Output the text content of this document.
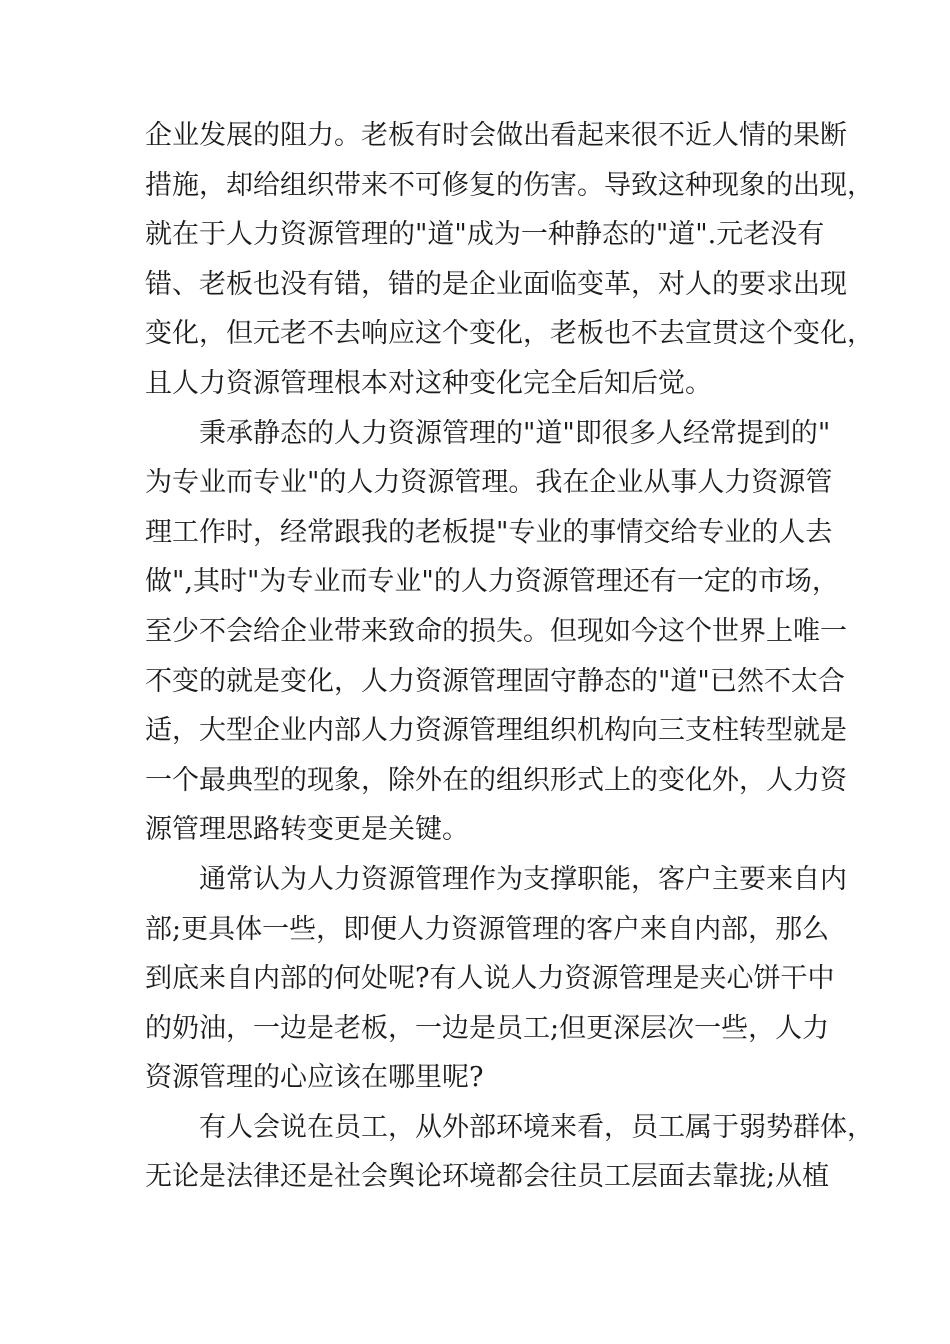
企业发展的阻力。老板有时会做出看起来很不近人情的果断
措施，却给组织带来不可修复的伤害。导致这种现象的出现，
就在于人力资源管理的"道"成为一种静态的"道".元老没有
错、老板也没有错，错的是企业面临变革，对人的要求出现
变化，但元老不去响应这个变化，老板也不去宣贯这个变化，
且人力资源管理根本对这种变化完全后知后觉。
秉承静态的人力资源管理的"道"即很多人经常提到的"
为专业而专业"的人力资源管理。我在企业从事人力资源管
理工作时，经常跟我的老板提"专业的事情交给专业的人去
做",其时"为专业而专业"的人力资源管理还有一定的市场，
至少不会给企业带来致命的损失。但现如今这个世界上唯一
不变的就是变化，人力资源管理固守静态的"道"已然不太合
适，大型企业内部人力资源管理组织机构向三支柱转型就是
一个最典型的现象，除外在的组织形式上的变化外，人力资
源管理思路转变更是关键。
通常认为人力资源管理作为支撑职能，客户主要来自内
部;更具体一些，即便人力资源管理的客户来自内部，那么
到底来自内部的何处呢?有人说人力资源管理是夹心饼干中
的奶油，一边是老板，一边是员工;但更深层次一些，人力
资源管理的心应该在哪里呢?
有人会说在员工，从外部环境来看，员工属于弱势群体，
无论是法律还是社会舆论环境都会往员工层面去靠拢;从植
